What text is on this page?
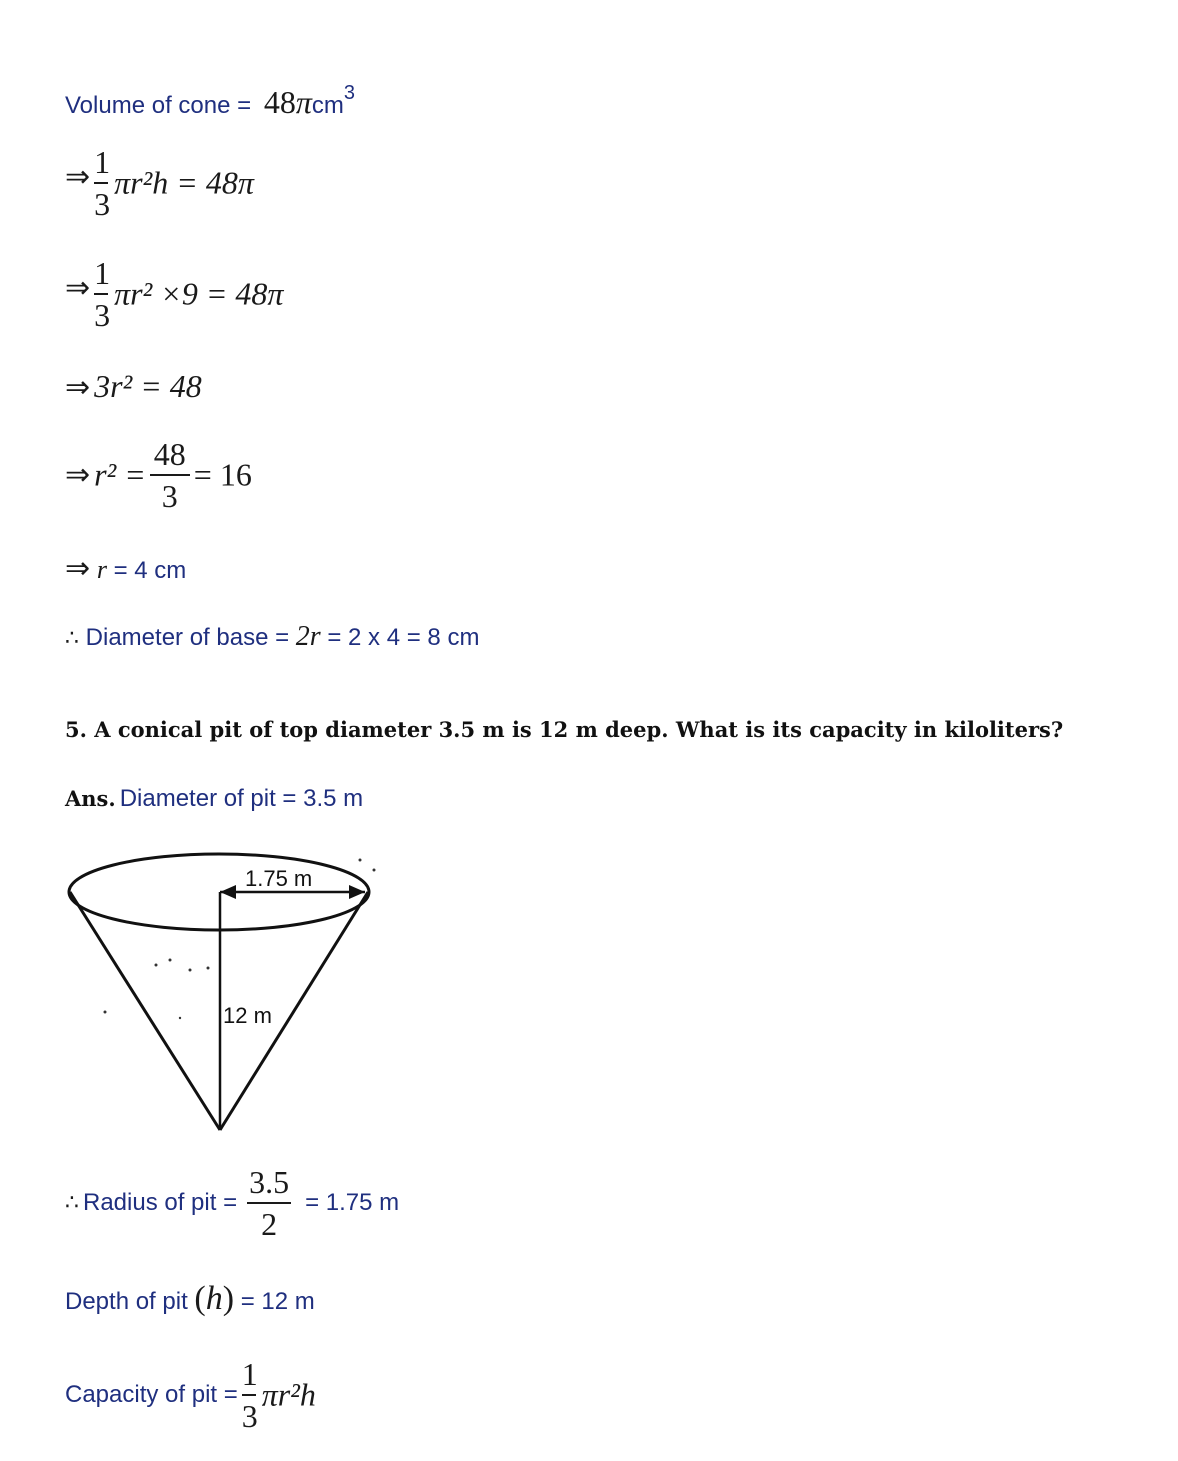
Volume of cone = 48πcm$^3$
⇒ $\frac{1}{3} \pi r^2h = 48\pi$
⇒ $\frac{1}{3} \pi r^2 \times 9 = 48\pi$
⇒ 3r² = 48
⇒ $r^2 = \frac{48}{3} = 16$
⇒ r = 4 cm
∴ Diameter of base = 2r = 2 x 4 = 8 cm
5. A conical pit of top diameter 3.5 m is 12 m deep. What is its capacity in kiloliters?
Ans. Diameter of pit = 3.5 m
1.75 m
12 m
∴ Radius of pit = $\frac{3.5}{2} = 1.75$ m
Depth of pit (h) = 12 m
Capacity of pit = $\frac{1}{3} \pi r^2h$
